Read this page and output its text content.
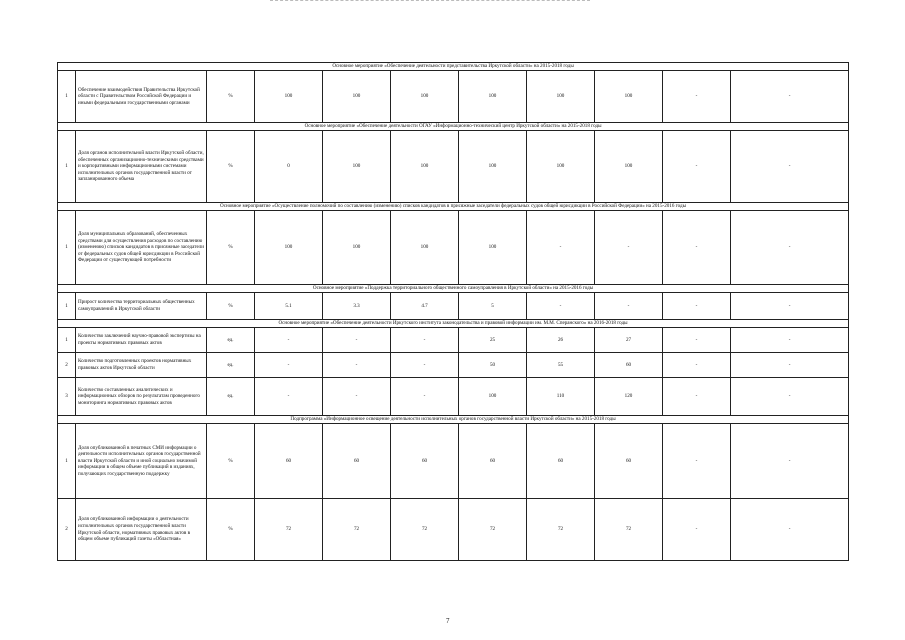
Основное мероприятие «Обеспечение деятельности представительства Иркутской области» на 2015-2018 годы										
1	Обеспечение взаимодействия Правительства Иркутской области с Правительством Российской Федерации и иными федеральными государственными органами	%	100	100	100	100	100	100	-	-
Основное мероприятие «Обеспечение деятельности ОГАУ «Информационно-технический центр Иркутской области» на 2015-2018 годы										
1	Доля органов исполнительной власти Иркутской области, обеспеченных организационно-техническими средствами и корпоративными информационными системами исполнительных органов государственной власти от запланированного объема	%	0	100	100	100	100	100	-	-
Основное мероприятие «Осуществление полномочий по составлению (изменению) списков кандидатов в присяжные заседатели федеральных судов общей юрисдикции в Российской Федерации» на 2015-2016 годы										
1	Доля муниципальных образований, обеспеченных средствами для осуществления расходов по составлению (изменению) списков кандидатов в присяжные заседатели от федеральных судов общей юрисдикции в Российской Федерации от существующей потребности	%	100	100	100	100	-	-	-	-
Основное мероприятие «Поддержка территориального общественного самоуправления в Иркутской области» на 2015-2016 годы										
1	Прирост количества территориальных общественных самоуправлений в Иркутской области	%	5.1	3.3	4.7	5	-	-	-	-
Основное мероприятие «Обеспечение деятельности Иркутского института законодательства и правовой информации им. М.М. Сперанского» на 2016-2018 годы										
1	Количество заключений научно-правовой экспертизы на проекты нормативных правовых актов	ед.	-	-	-	25	26	27	-	-
2	Количество подготовленных проектов нормативных правовых актов Иркутской области	ед.	-	-	-	50	55	60	-	-
3	Количество составленных аналитических и информационных обзоров по результатам проведенного мониторинга нормативных правовых актов	ед.	-	-	-	100	110	120	-	-
Подпрограмма «Информационное освещение деятельности исполнительных органов государственной власти Иркутской области» на 2015-2018 годы										
1	Доля опубликованной в печатных СМИ информации о деятельности исполнительных органов государственной власти Иркутской области и иной социально значимой информации в общем объеме публикаций в изданиях, получающих государственную поддержку	%	60	60	60	60	60	60	-	-
2	Доля опубликованной информации о деятельности исполнительных органов государственной власти Иркутской области, нормативных правовых актов в общем объеме публикаций газеты «Областная»	%	72	72	72	72	72	72	-	-
7
